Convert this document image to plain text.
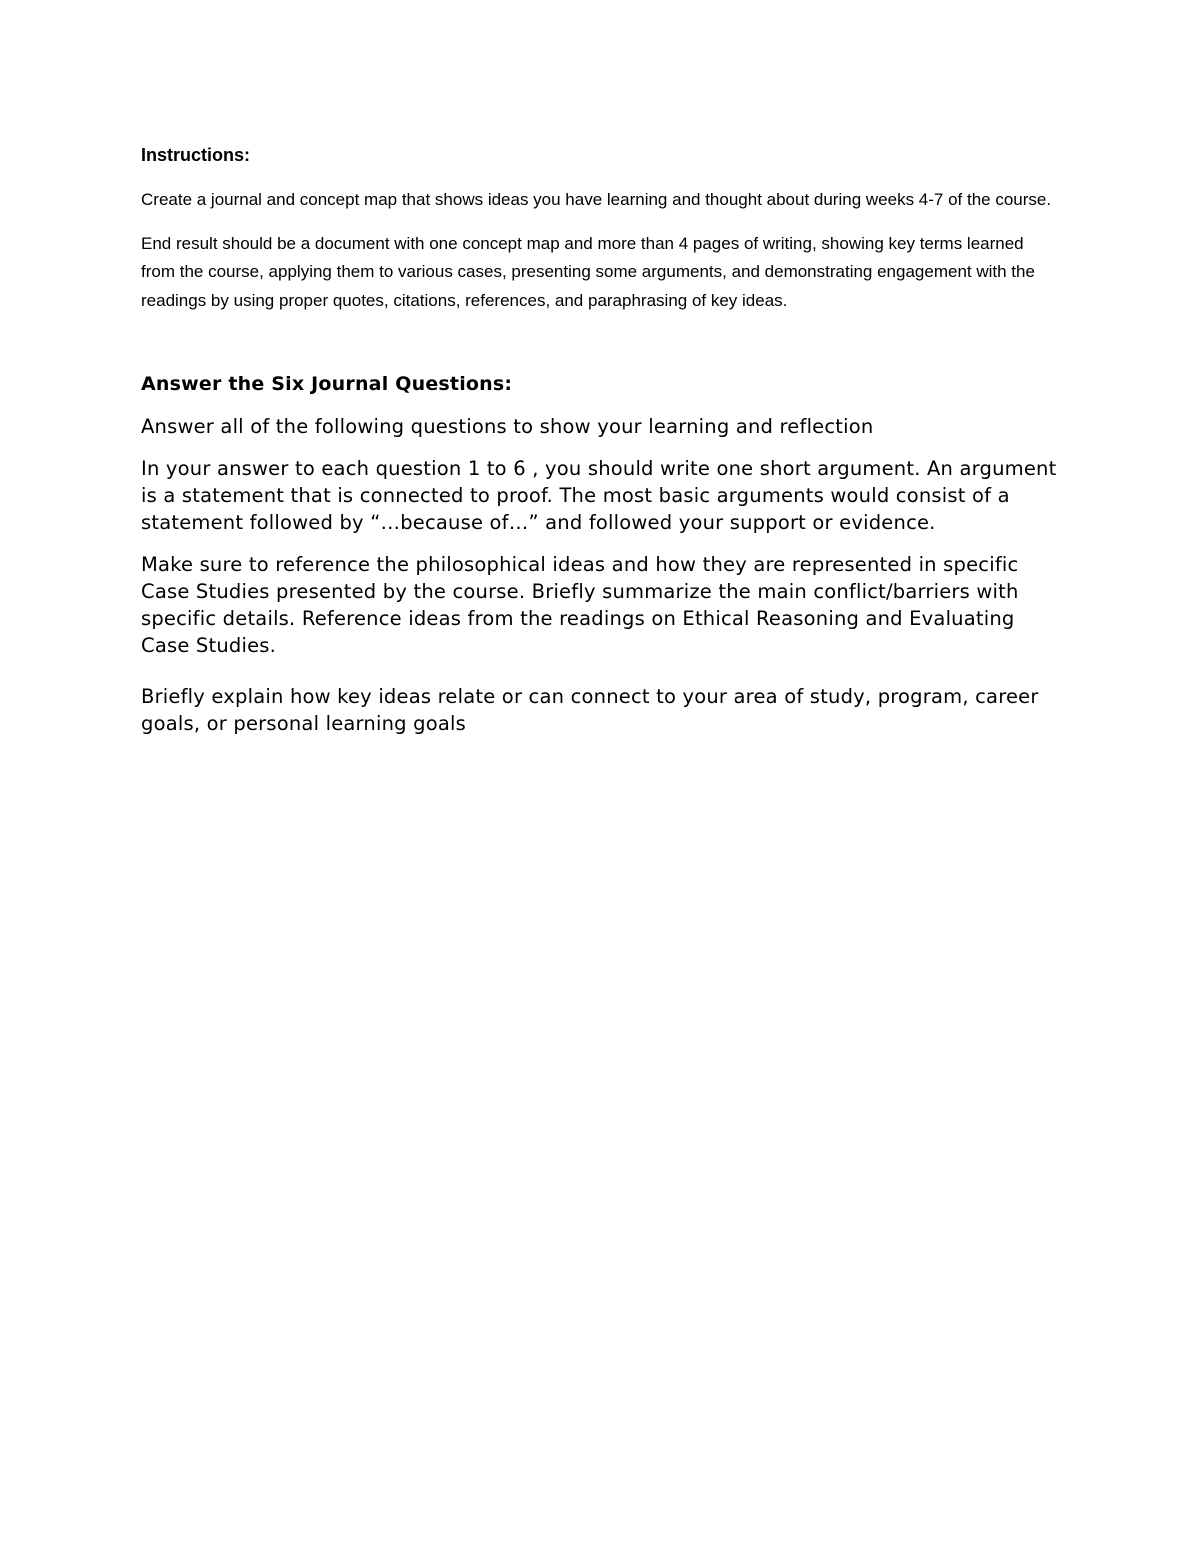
Instructions:

Create a journal and concept map that shows ideas you have learning and thought about during weeks 4-7 of the course.

End result should be a document with one concept map and more than 4 pages of writing, showing key terms learned from the course, applying them to various cases, presenting some arguments, and demonstrating engagement with the readings by using proper quotes, citations, references, and paraphrasing of key ideas.

Answer the Six Journal Questions:

Answer all of the following questions to show your learning and reflection

In your answer to each question 1 to 6 , you should write one short argument. An argument is a statement that is connected to proof. The most basic arguments would consist of a statement followed by “…because of…” and followed your support or evidence.

Make sure to reference the philosophical ideas and how they are represented in specific Case Studies presented by the course. Briefly summarize the main conflict/barriers with specific details. Reference ideas from the readings on Ethical Reasoning and Evaluating Case Studies.

Briefly explain how key ideas relate or can connect to your area of study, program, career goals, or personal learning goals
